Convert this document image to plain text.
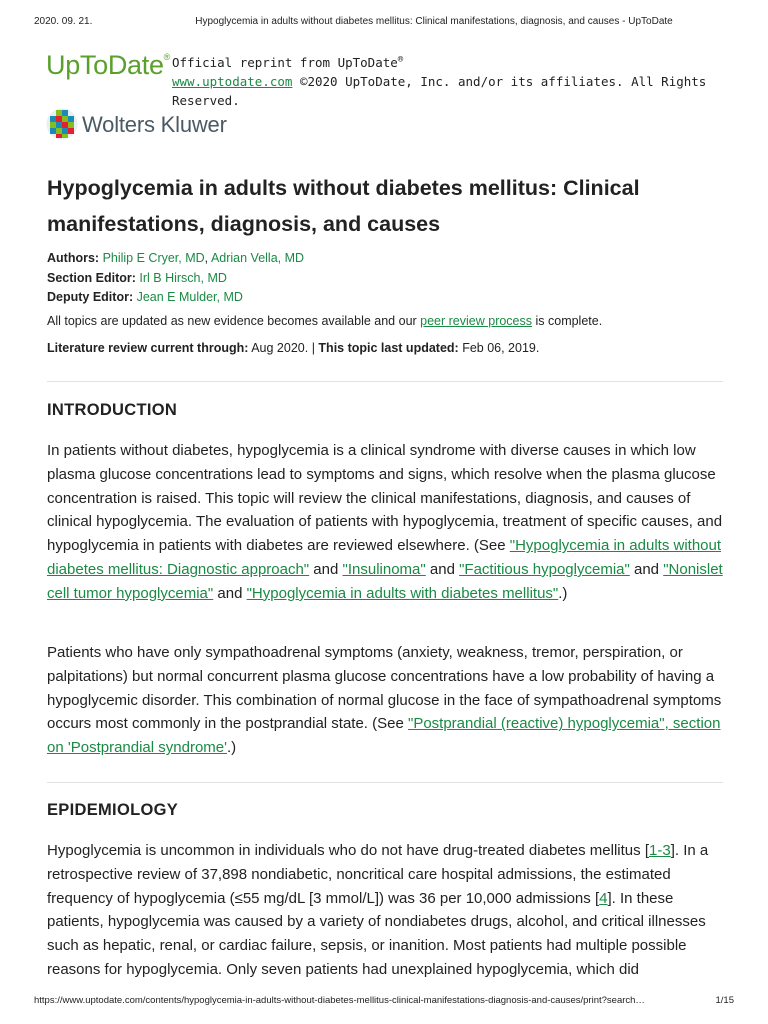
2020. 09. 21.	Hypoglycemia in adults without diabetes mellitus: Clinical manifestations, diagnosis, and causes - UpToDate
UpToDate® Official reprint from UpToDate®
www.uptodate.com ©2020 UpToDate, Inc. and/or its affiliates. All Rights Reserved.
Wolters Kluwer
Hypoglycemia in adults without diabetes mellitus: Clinical manifestations, diagnosis, and causes
Authors: Philip E Cryer, MD, Adrian Vella, MD
Section Editor: Irl B Hirsch, MD
Deputy Editor: Jean E Mulder, MD
All topics are updated as new evidence becomes available and our peer review process is complete.
Literature review current through: Aug 2020. | This topic last updated: Feb 06, 2019.
INTRODUCTION

In patients without diabetes, hypoglycemia is a clinical syndrome with diverse causes in which low plasma glucose concentrations lead to symptoms and signs, which resolve when the plasma glucose concentration is raised. This topic will review the clinical manifestations, diagnosis, and causes of clinical hypoglycemia. The evaluation of patients with hypoglycemia, treatment of specific causes, and hypoglycemia in patients with diabetes are reviewed elsewhere. (See "Hypoglycemia in adults without diabetes mellitus: Diagnostic approach" and "Insulinoma" and "Factitious hypoglycemia" and "Nonislet cell tumor hypoglycemia" and "Hypoglycemia in adults with diabetes mellitus".)

Patients who have only sympathoadrenal symptoms (anxiety, weakness, tremor, perspiration, or palpitations) but normal concurrent plasma glucose concentrations have a low probability of having a hypoglycemic disorder. This combination of normal glucose in the face of sympathoadrenal symptoms occurs most commonly in the postprandial state. (See "Postprandial (reactive) hypoglycemia", section on 'Postprandial syndrome'.)

EPIDEMIOLOGY

Hypoglycemia is uncommon in individuals who do not have drug-treated diabetes mellitus [1-3]. In a retrospective review of 37,898 nondiabetic, noncritical care hospital admissions, the estimated frequency of hypoglycemia (≤55 mg/dL [3 mmol/L]) was 36 per 10,000 admissions [4]. In these patients, hypoglycemia was caused by a variety of nondiabetes drugs, alcohol, and critical illnesses such as hepatic, renal, or cardiac failure, sepsis, or inanition. Most patients had multiple possible reasons for hypoglycemia. Only seven patients had unexplained hypoglycemia, which did

https://www.uptodate.com/contents/hypoglycemia-in-adults-without-diabetes-mellitus-clinical-manifestations-diagnosis-and-causes/print?search…	1/15
